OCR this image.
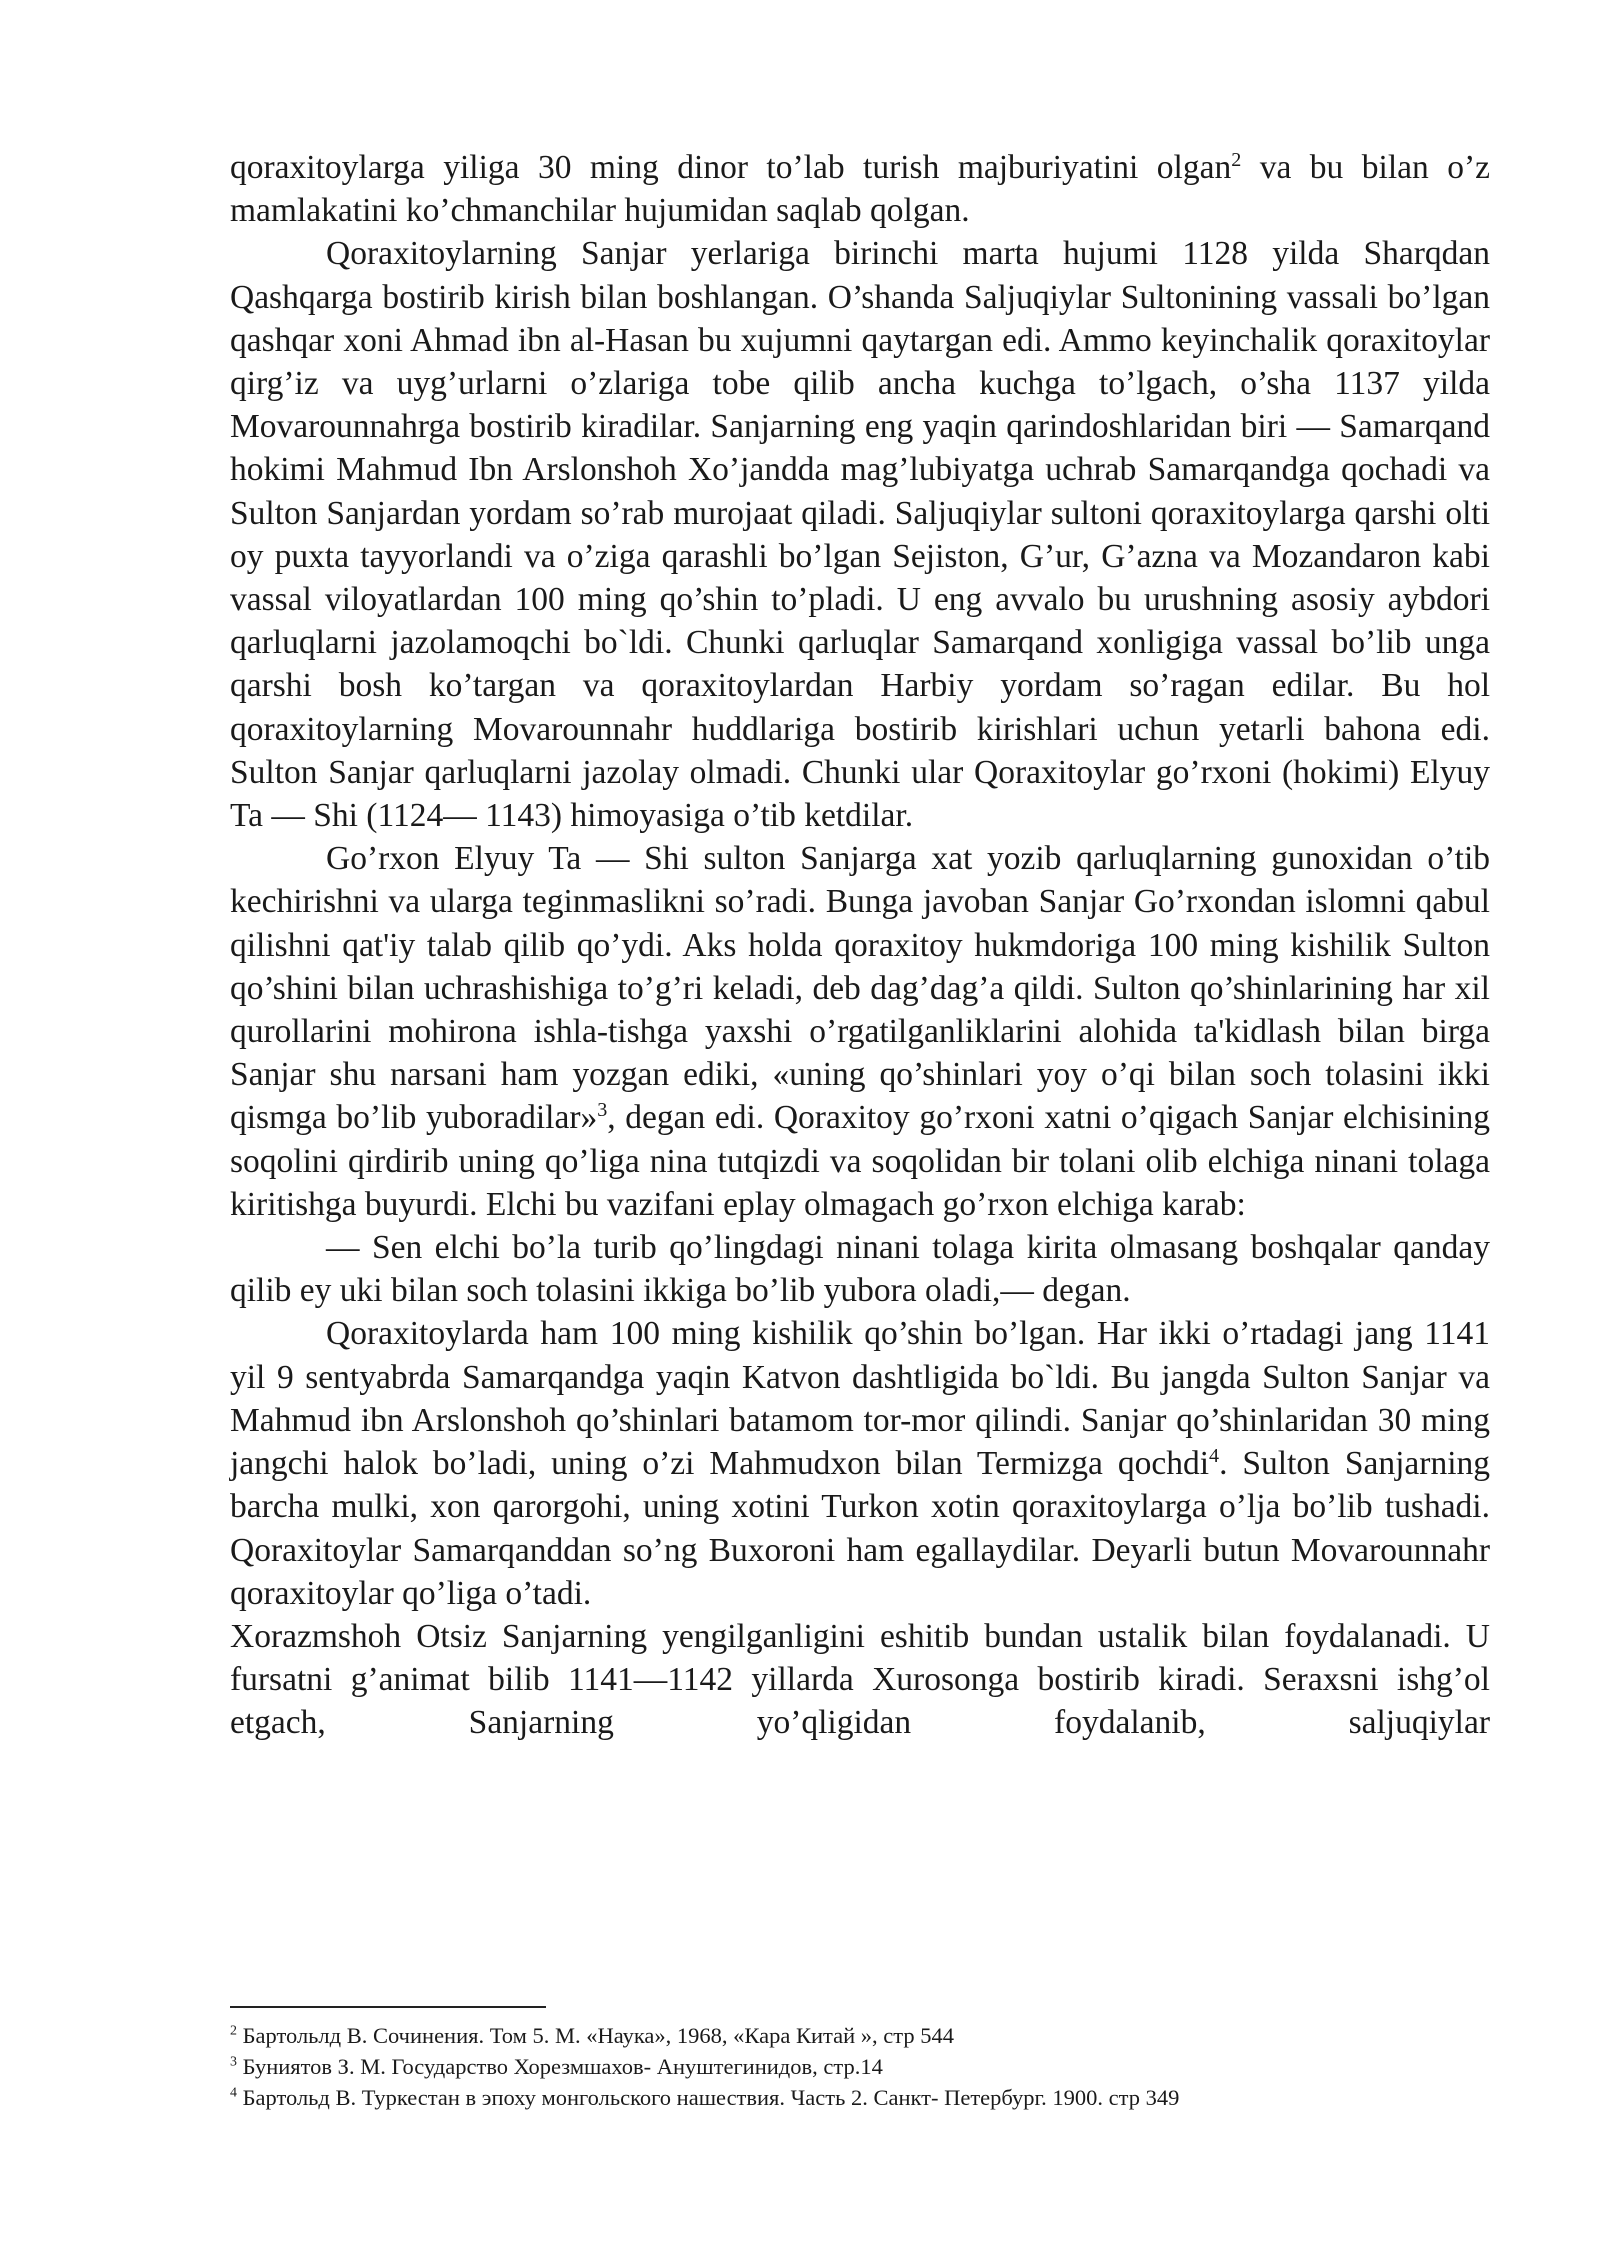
qoraxitoylarga yiliga 30 ming dinor to’lab turish majburiyatini olgan$^2$ va bu bilan o’z mamlakatini ko’chmanchilar hujumidan saqlab qolgan.

Qoraxitoylarning Sanjar yerlariga birinchi marta hujumi 1128 yilda Sharqdan Qashqarga bostirib kirish bilan boshlangan. O’shanda Saljuqiylar Sultonining vassali bo’lgan qashqar xoni Ahmad ibn al-Hasan bu xujumni qaytargan edi. Ammo keyinchalik qoraxitoylar qirg’iz va uyg’urlarni o’zlariga tobe qilib ancha kuchga to’lgach, o’sha 1137 yilda Movarounnahrga bostirib kiradilar. Sanjarning eng yaqin qarindoshlaridan biri — Samarqand hokimi Mahmud Ibn Arslonshoh Xo’jandda mag’lubiyatga uchrab Samarqandga qochadi va Sulton Sanjardan yordam so’rab murojaat qiladi. Saljuqiylar sultoni qoraxitoylarga qarshi olti oy puxta tayyorlandi va o’ziga qarashli bo’lgan Sejiston, G’ur, G’azna va Mozandaron kabi vassal viloyatlardan 100 ming qo’shin to’pladi. U eng avvalo bu urushning asosiy aybdori qarluqlarni jazolamoqchi bo`ldi. Chunki qarluqlar Samarqand xonligiga vassal bo’lib unga qarshi bosh ko’targan va qoraxitoylardan Harbiy yordam so’ragan edilar. Bu hol qoraxitoylarning Movarounnahr huddlariga bostirib kirishlari uchun yetarli bahona edi. Sulton Sanjar qarluqlarni jazolay olmadi. Chunki ular Qoraxitoylar go’rxoni (hokimi) Elyuy Ta — Shi (1124— 1143) himoyasiga o’tib ketdilar.

Go’rxon Elyuy Ta — Shi sulton Sanjarga xat yozib qarluqlarning gunoxidan o’tib kechirishni va ularga teginmaslikni so’radi. Bunga javoban Sanjar Go’rxondan islomni qabul qilishni qat'iy talab qilib qo’ydi. Aks holda qoraxitoy hukmdoriga 100 ming kishilik Sulton qo’shini bilan uchrashishiga to’g’ri keladi, deb dag’dag’a qildi. Sulton qo’shinlarining har xil qurollarini mohirona ishla-tishga yaxshi o’rgatilganliklarini alohida ta'kidlash bilan birga Sanjar shu narsani ham yozgan ediki, «uning qo’shinlari yoy o’qi bilan soch tolasini ikki qismga bo’lib yuboradilar»$^3$, degan edi. Qoraxitoy go’rxoni xatni o’qigach Sanjar elchisining soqolini qirdirib uning qo’liga nina tutqizdi va soqolidan bir tolani olib elchiga ninani tolaga kiritishga buyurdi. Elchi bu vazifani eplay olmagach go’rxon elchiga karab:

— Sen elchi bo’la turib qo’lingdagi ninani tolaga kirita olmasang boshqalar qanday qilib ey uki bilan soch tolasini ikkiga bo’lib yubora oladi,— degan.

Qoraxitoylarda ham 100 ming kishilik qo’shin bo’lgan. Har ikki o’rtadagi jang 1141 yil 9 sentyabrda Samarqandga yaqin Katvon dashtligida bo`ldi. Bu jangda Sulton Sanjar va Mahmud ibn Arslonshoh qo’shinlari batamom tor-mor qilindi. Sanjar qo’shinlaridan 30 ming jangchi halok bo’ladi, uning o’zi Mahmudxon bilan Termizga qochdi$^4$. Sulton Sanjarning barcha mulki, xon qarorgohi, uning xotini Turkon xotin qoraxitoylarga o’lja bo’lib tushadi. Qoraxitoylar Samarqanddan so’ng Buxoroni ham egallaydilar. Deyarli butun Movarounnahr qoraxitoylar qo’liga o’tadi.

Xorazmshoh Otsiz Sanjarning yengilganligini eshitib bundan ustalik bilan foydalanadi. U fursatni g’animat bilib 1141—1142 yillarda Xurosonga bostirib kiradi. Seraxsni ishg’ol etgach, Sanjarning yo’qligidan foydalanib, saljuqiylar

$^2$ Бартольлд В. Сочинения. Том 5. М. «Наука», 1968, «Кара Китай », стр 544

$^3$ Буниятов З. М. Государство Хорезмшахов- Ануштегинидов, стр.14

$^4$ Бартольд В. Туркестан в эпоху монгольского нашествия. Часть 2. Санкт- Петербург. 1900. стр 349
